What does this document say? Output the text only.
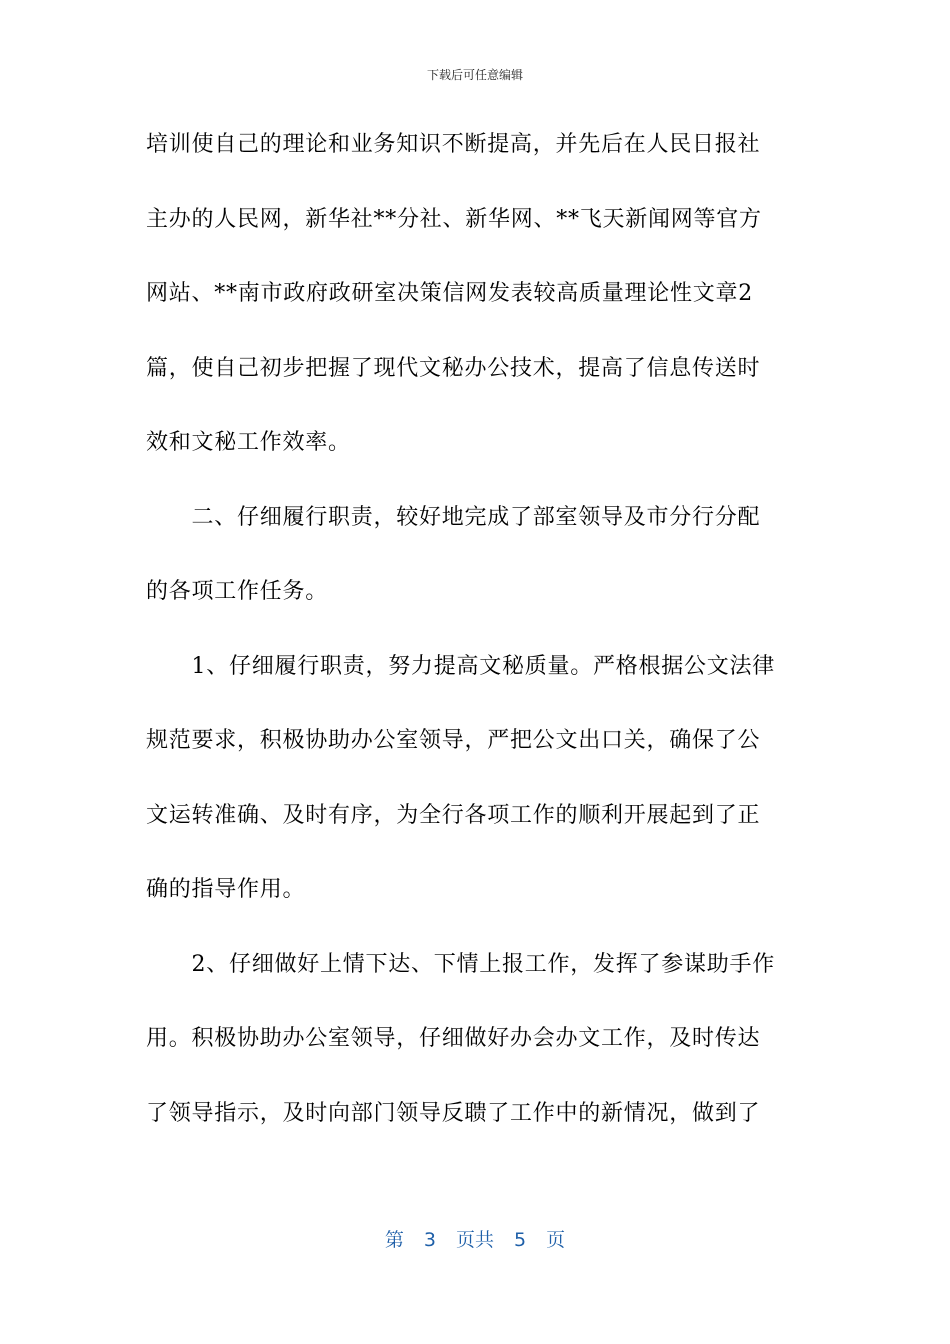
下载后可任意编辑
培训使自己的理论和业务知识不断提高，并先后在人民日报社
主办的人民网，新华社**分社、新华网、**飞天新闻网等官方
网站、**南市政府政研室决策信网发表较高质量理论性文章2
篇，使自己初步把握了现代文秘办公技术，提高了信息传送时
效和文秘工作效率。
　　二、仔细履行职责，较好地完成了部室领导及市分行分配
的各项工作任务。
　　1、仔细履行职责，努力提高文秘质量。严格根据公文法律
规范要求，积极协助办公室领导，严把公文出口关，确保了公
文运转准确、及时有序，为全行各项工作的顺利开展起到了正
确的指导作用。
　　2、仔细做好上情下达、下情上报工作，发挥了参谋助手作
用。积极协助办公室领导，仔细做好办会办文工作，及时传达
了领导指示，及时向部门领导反聩了工作中的新情况，做到了
第 3 页共 5 页
